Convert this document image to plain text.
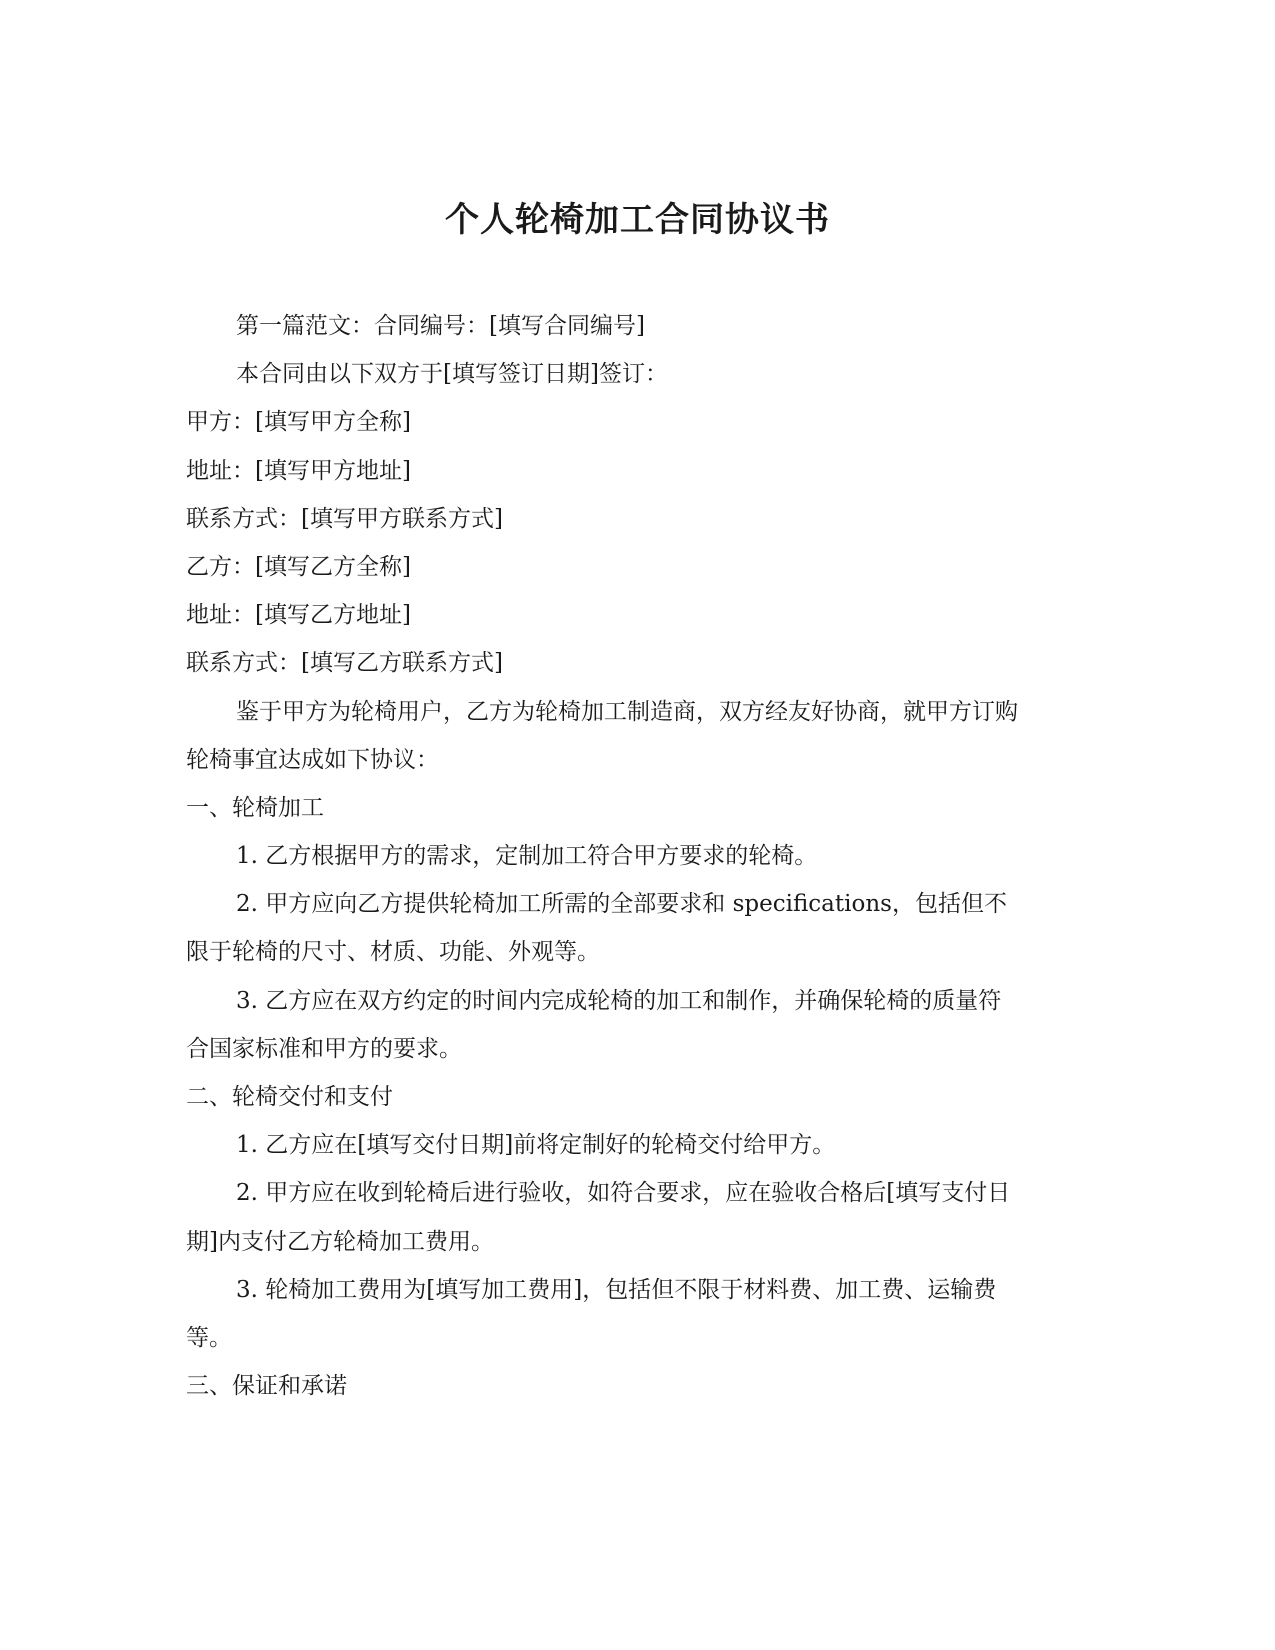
个人轮椅加工合同协议书
第一篇范文：合同编号：[填写合同编号]
本合同由以下双方于[填写签订日期]签订：
甲方：[填写甲方全称]
地址：[填写甲方地址]
联系方式：[填写甲方联系方式]
乙方：[填写乙方全称]
地址：[填写乙方地址]
联系方式：[填写乙方联系方式]
鉴于甲方为轮椅用户，乙方为轮椅加工制造商，双方经友好协商，就甲方订购
轮椅事宜达成如下协议：
一、轮椅加工
1. 乙方根据甲方的需求，定制加工符合甲方要求的轮椅。
2. 甲方应向乙方提供轮椅加工所需的全部要求和 specifications，包括但不
限于轮椅的尺寸、材质、功能、外观等。
3. 乙方应在双方约定的时间内完成轮椅的加工和制作，并确保轮椅的质量符
合国家标准和甲方的要求。
二、轮椅交付和支付
1. 乙方应在[填写交付日期]前将定制好的轮椅交付给甲方。
2. 甲方应在收到轮椅后进行验收，如符合要求，应在验收合格后[填写支付日
期]内支付乙方轮椅加工费用。
3. 轮椅加工费用为[填写加工费用]，包括但不限于材料费、加工费、运输费
等。
三、保证和承诺
